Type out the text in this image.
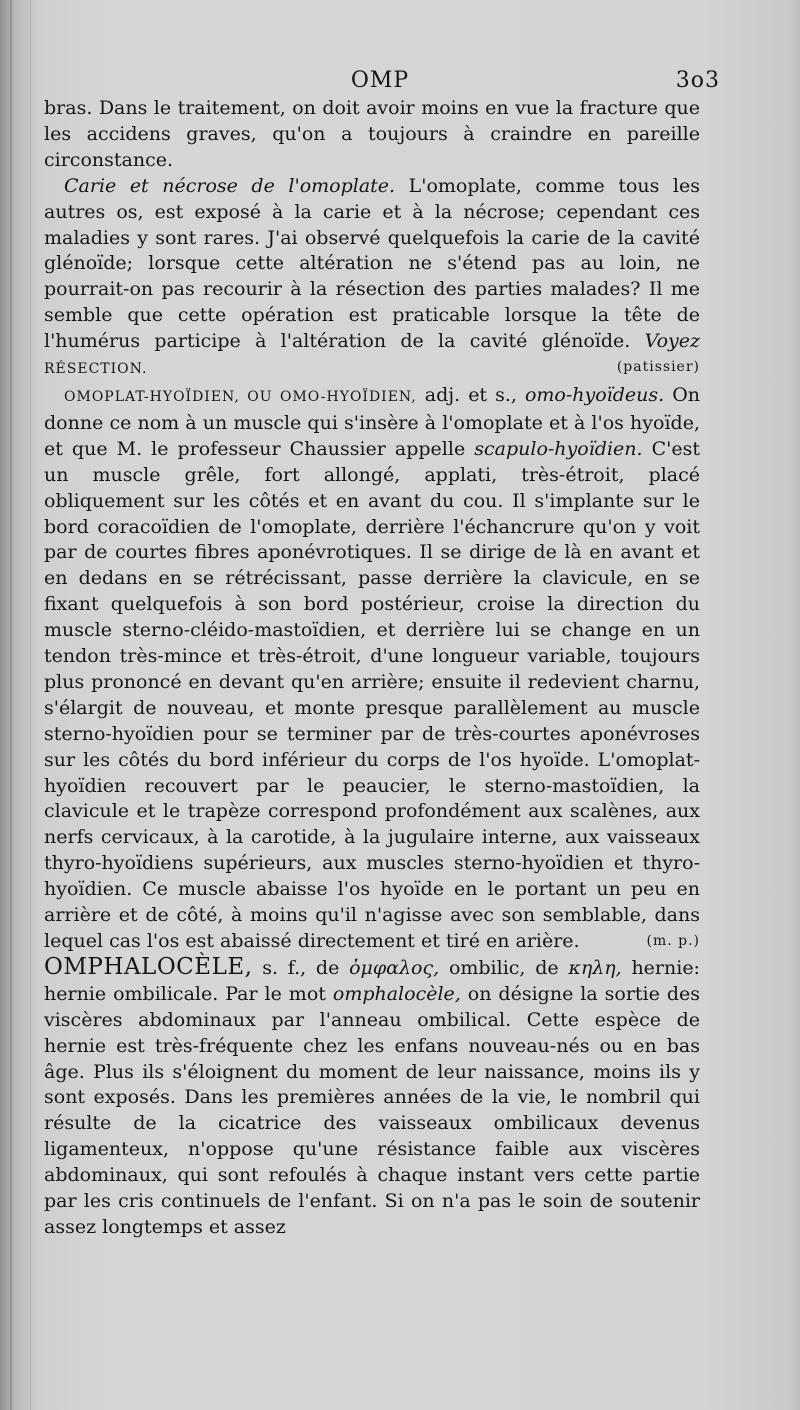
OMP	3o3

bras. Dans le traitement, on doit avoir moins en vue la fracture que les accidens graves, qu'on a toujours à craindre en pareille circonstance.

Carie et nécrose de l'omoplate. L'omoplate, comme tous les autres os, est exposé à la carie et à la nécrose; cependant ces maladies y sont rares. J'ai observé quelquefois la carie de la cavité glénoïde; lorsque cette altération ne s'étend pas au loin, ne pourrait-on pas recourir à la résection des parties malades? Il me semble que cette opération est praticable lorsque la tête de l'humérus participe à l'altération de la cavité glénoïde. Voyez RÉSECTION.	(patissier)

OMOPLAT-HYOÏDIEN, OU OMO-HYOÏDIEN, adj. et s., omo-hyoïdeus. On donne ce nom à un muscle qui s'insère à l'omoplate et à l'os hyoïde, et que M. le professeur Chaussier appelle scapulo-hyoïdien. C'est un muscle grêle, fort allongé, applati, très-étroit, placé obliquement sur les côtés et en avant du cou. Il s'implante sur le bord coracoïdien de l'omoplate, derrière l'échancrure qu'on y voit par de courtes fibres aponévrotiques. Il se dirige de là en avant et en dedans en se rétrécissant, passe derrière la clavicule, en se fixant quelquefois à son bord postérieur, croise la direction du muscle sterno-cléido-mastoïdien, et derrière lui se change en un tendon très-mince et très-étroit, d'une longueur variable, toujours plus prononcé en devant qu'en arrière; ensuite il redevient charnu, s'élargit de nouveau, et monte presque parallèlement au muscle sterno-hyoïdien pour se terminer par de très-courtes aponévroses sur les côtés du bord inférieur du corps de l'os hyoïde. L'omoplat-hyoïdien recouvert par le peaucier, le sterno-mastoïdien, la clavicule et le trapèze correspond profondément aux scalènes, aux nerfs cervicaux, à la carotide, à la jugulaire interne, aux vaisseaux thyro-hyoïdiens supérieurs, aux muscles sterno-hyoïdien et thyro-hyoïdien. Ce muscle abaisse l'os hyoïde en le portant un peu en arrière et de côté, à moins qu'il n'agisse avec son semblable, dans lequel cas l'os est abaissé directement et tiré en arière.	(m. p.)

OMPHALOCÈLE, s. f., de ὀμφαλος, ombilic, de κηλη, hernie: hernie ombilicale. Par le mot omphalocèle, on désigne la sortie des viscères abdominaux par l'anneau ombilical. Cette espèce de hernie est très-fréquente chez les enfans nouveau-nés ou en bas âge. Plus ils s'éloignent du moment de leur naissance, moins ils y sont exposés. Dans les premières années de la vie, le nombril qui résulte de la cicatrice des vaisseaux ombilicaux devenus ligamenteux, n'oppose qu'une résistance faible aux viscères abdominaux, qui sont refoulés à chaque instant vers cette partie par les cris continuels de l'enfant. Si on n'a pas le soin de soutenir assez longtemps et assez
